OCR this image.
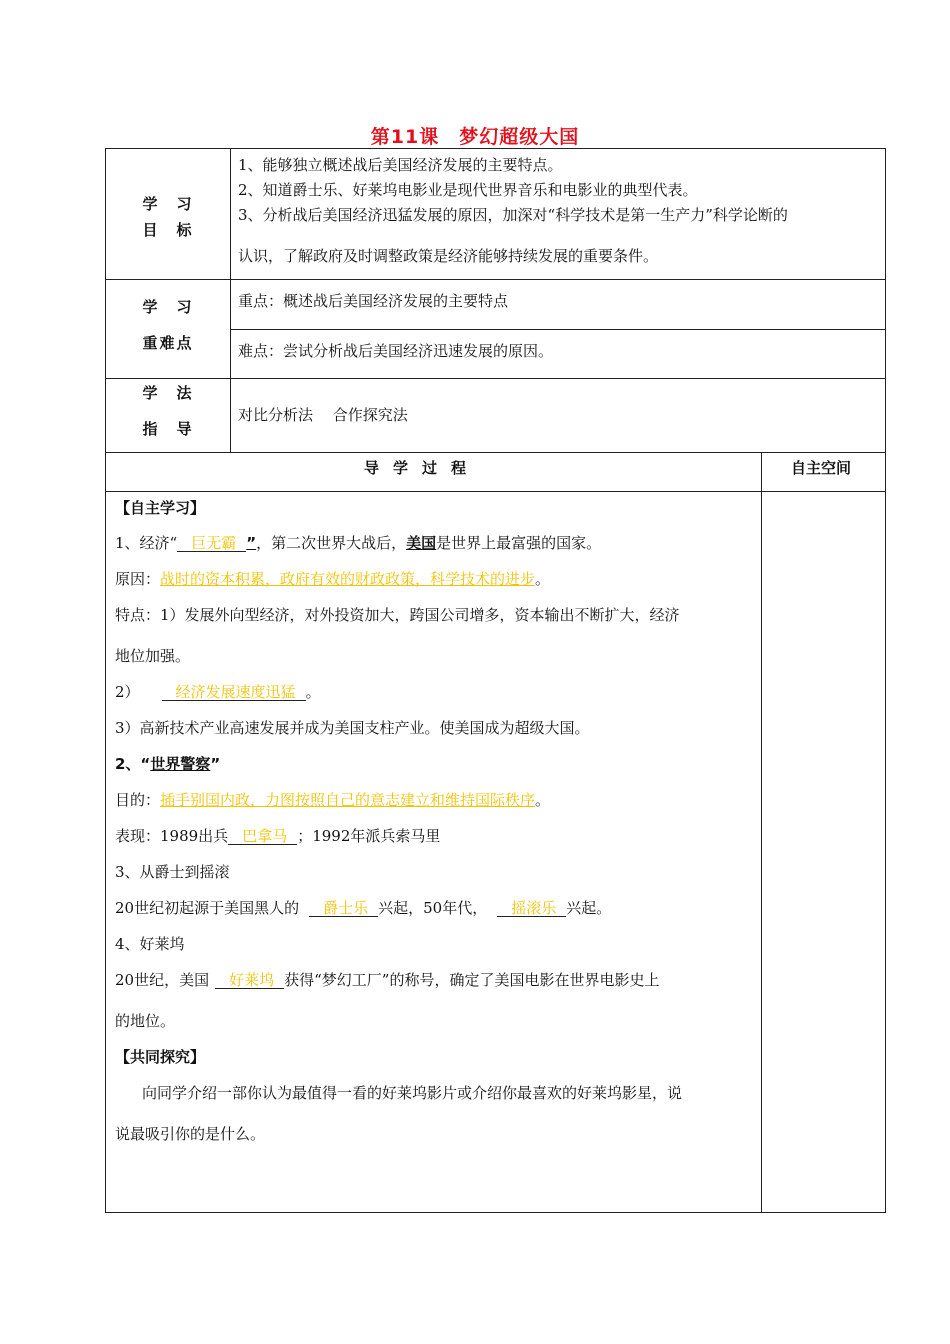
第11课　梦幻超级大国
学　习
目　标
1、能够独立概述战后美国经济发展的主要特点。
2、知道爵士乐、好莱坞电影业是现代世界音乐和电影业的典型代表。
3、分析战后美国经济迅猛发展的原因，加深对“科学技术是第一生产力”科学论断的
认识，了解政府及时调整政策是经济能够持续发展的重要条件。
学　习
重难点
重点：概述战后美国经济发展的主要特点
难点：尝试分析战后美国经济迅速发展的原因。
学　法
指　导
对比分析法　 合作探究法
导学过程	自主空间
【自主学习】
1、经济“ 巨无霸 ”，第二次世界大战后，美国是世界上最富强的国家。
原因：战时的资本积累，政府有效的财政政策，科学技术的进步。
特点：1）发展外向型经济，对外投资加大，跨国公司增多，资本输出不断扩大，经济
地位加强。
2） 经济发展速度迅猛 。
3）高新技术产业高速发展并成为美国支柱产业。使美国成为超级大国。
2、“世界警察”
目的：插手别国内政，力图按照自己的意志建立和维持国际秩序。
表现：1989出兵 巴拿马 ；1992年派兵索马里
3、从爵士到摇滚
20世纪初起源于美国黑人的 爵士乐 兴起，50年代， 摇滚乐 兴起。
4、好莱坞
20世纪，美国 好莱坞 获得“梦幻工厂”的称号，确定了美国电影在世界电影史上
的地位。
【共同探究】
向同学介绍一部你认为最值得一看的好莱坞影片或介绍你最喜欢的好莱坞影星，说
说最吸引你的是什么。
